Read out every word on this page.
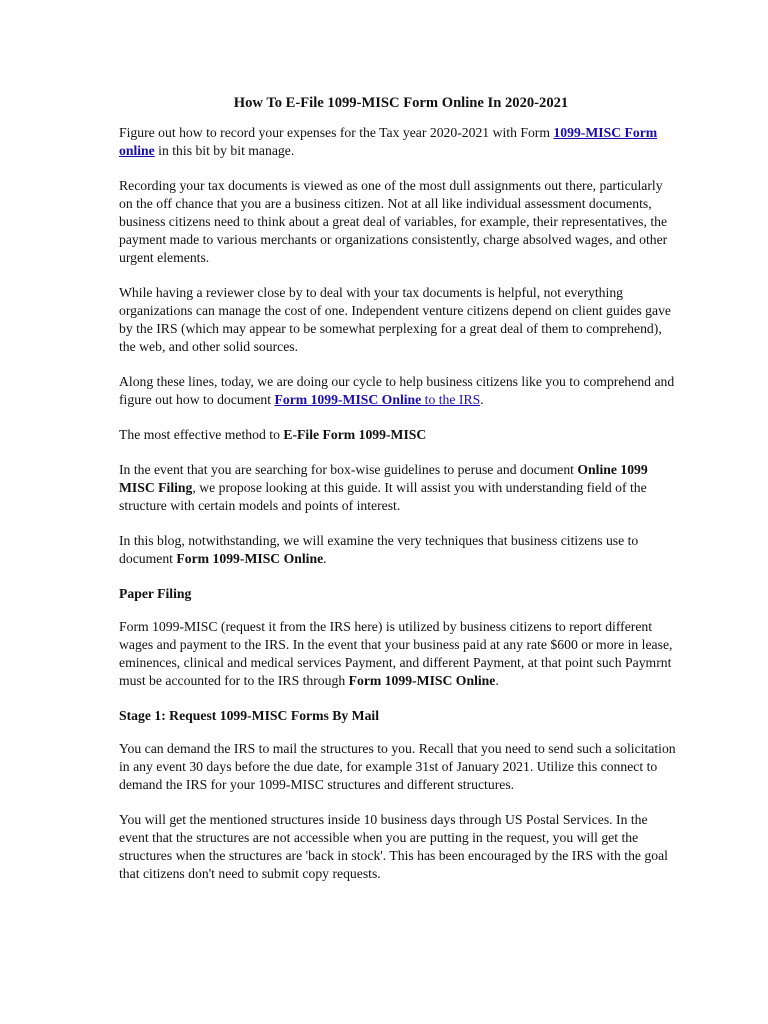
How To E-File 1099-MISC Form Online In 2020-2021

Figure out how to record your expenses for the Tax year 2020-2021 with Form 1099-MISC Form online in this bit by bit manage.

Recording your tax documents is viewed as one of the most dull assignments out there, particularly on the off chance that you are a business citizen. Not at all like individual assessment documents, business citizens need to think about a great deal of variables, for example, their representatives, the payment made to various merchants or organizations consistently, charge absolved wages, and other urgent elements.

While having a reviewer close by to deal with your tax documents is helpful, not everything organizations can manage the cost of one. Independent venture citizens depend on client guides gave by the IRS (which may appear to be somewhat perplexing for a great deal of them to comprehend), the web, and other solid sources.

Along these lines, today, we are doing our cycle to help business citizens like you to comprehend and figure out how to document Form 1099-MISC Online to the IRS.

The most effective method to E-File Form 1099-MISC

In the event that you are searching for box-wise guidelines to peruse and document Online 1099 MISC Filing, we propose looking at this guide. It will assist you with understanding field of the structure with certain models and points of interest.

In this blog, notwithstanding, we will examine the very techniques that business citizens use to document Form 1099-MISC Online.

Paper Filing

Form 1099-MISC (request it from the IRS here) is utilized by business citizens to report different wages and payment to the IRS. In the event that your business paid at any rate $600 or more in lease, eminences, clinical and medical services Payment, and different Payment, at that point such Paymrnt must be accounted for to the IRS through Form 1099-MISC Online.

Stage 1: Request 1099-MISC Forms By Mail

You can demand the IRS to mail the structures to you. Recall that you need to send such a solicitation in any event 30 days before the due date, for example 31st of January 2021. Utilize this connect to demand the IRS for your 1099-MISC structures and different structures.

You will get the mentioned structures inside 10 business days through US Postal Services. In the event that the structures are not accessible when you are putting in the request, you will get the structures when the structures are 'back in stock'. This has been encouraged by the IRS with the goal that citizens don't need to submit copy requests.
